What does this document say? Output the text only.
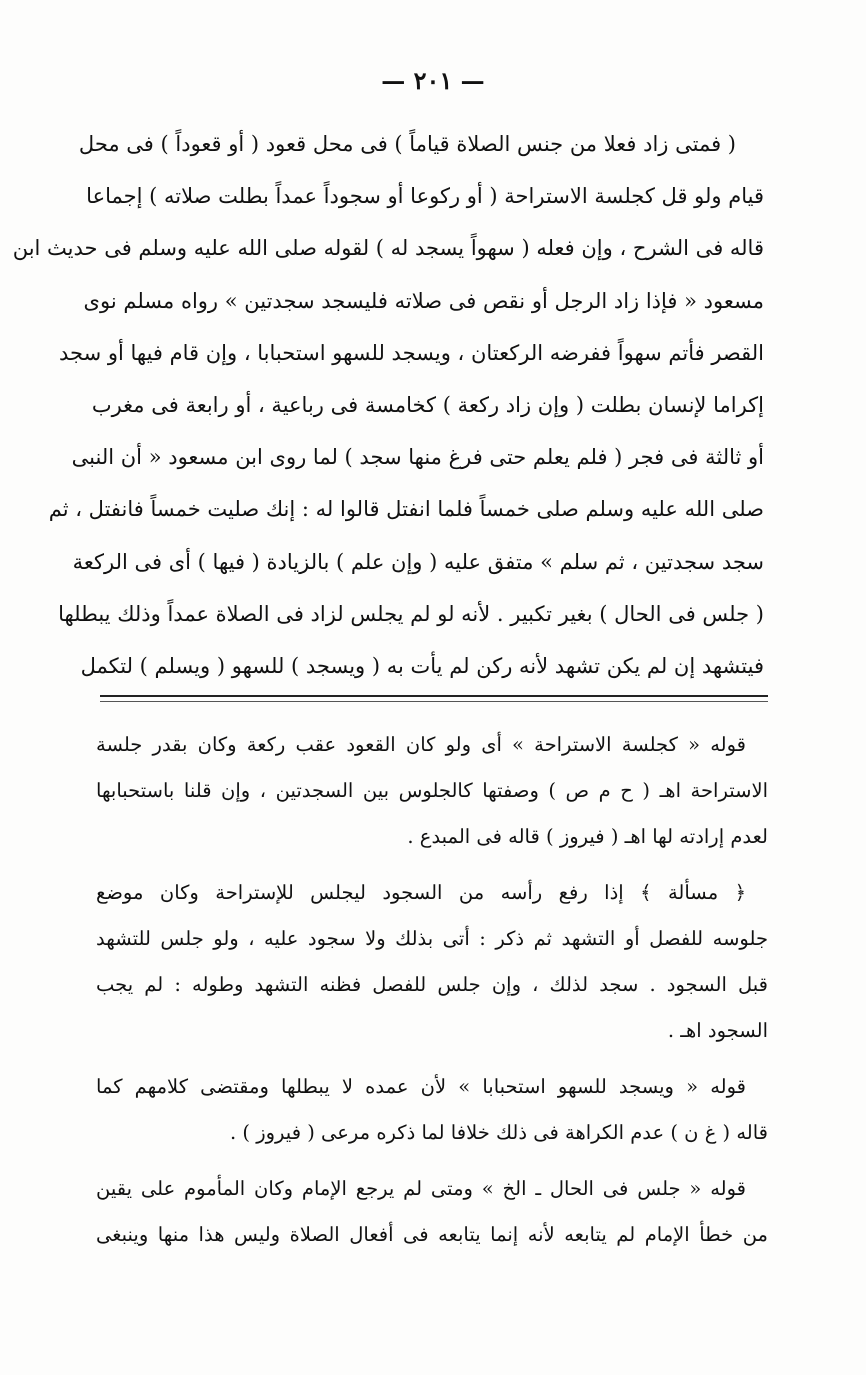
— ٢٠١ —
( فمتى زاد فعلا من جنس الصلاة قياماً ) فى محل قعود ( أو قعوداً ) فى محل
قيام ولو قل كجلسة الاستراحة ( أو ركوعا أو سجوداً عمداً بطلت صلاته ) إجماعا
قاله فى الشرح ، وإن فعله ( سهواً يسجد له ) لقوله صلى الله عليه وسلم فى حديث ابن
مسعود « فإذا زاد الرجل أو نقص فى صلاته فليسجد سجدتين » رواه مسلم نوى
القصر فأتم سهواً ففرضه الركعتان ، ويسجد للسهو استحبابا ، وإن قام فيها أو سجد
إكراما لإنسان بطلت ( وإن زاد ركعة ) كخامسة فى رباعية ، أو رابعة فى مغرب
أو ثالثة فى فجر ( فلم يعلم حتى فرغ منها سجد ) لما روى ابن مسعود « أن النبى
صلى الله عليه وسلم صلى خمساً فلما انفتل قالوا له : إنك صليت خمساً فانفتل ، ثم
سجد سجدتين ، ثم سلم » متفق عليه ( وإن علم ) بالزيادة ( فيها ) أى فى الركعة
( جلس فى الحال ) بغير تكبير . لأنه لو لم يجلس لزاد فى الصلاة عمداً وذلك يبطلها
فيتشهد إن لم يكن تشهد لأنه ركن لم يأت به ( ويسجد ) للسهو ( ويسلم ) لتكمل
قوله « كجلسة الاستراحة » أى ولو كان القعود عقب ركعة وكان بقدر جلسة
الاستراحة اهـ ( ح م ص ) وصفتها كالجلوس بين السجدتين ، وإن قلنا باستحبابها
لعدم إرادته لها اهـ ( فيروز ) قاله فى المبدع .
﴿ مسألة ﴾ إذا رفع رأسه من السجود ليجلس للإستراحة وكان موضع
جلوسه للفصل أو التشهد ثم ذكر : أتى بذلك ولا سجود عليه ، ولو جلس للتشهد
قبل السجود . سجد لذلك ، وإن جلس للفصل فظنه التشهد وطوله : لم يجب
السجود اهـ .
قوله « ويسجد للسهو استحبابا » لأن عمده لا يبطلها ومقتضى كلامهم كما
قاله ( غ ن ) عدم الكراهة فى ذلك خلافا لما ذكره مرعى ( فيروز ) .
قوله « جلس فى الحال ـ الخ » ومتى لم يرجع الإمام وكان المأموم على يقين
من خطأ الإمام لم يتابعه لأنه إنما يتابعه فى أفعال الصلاة وليس هذا منها وينبغى
